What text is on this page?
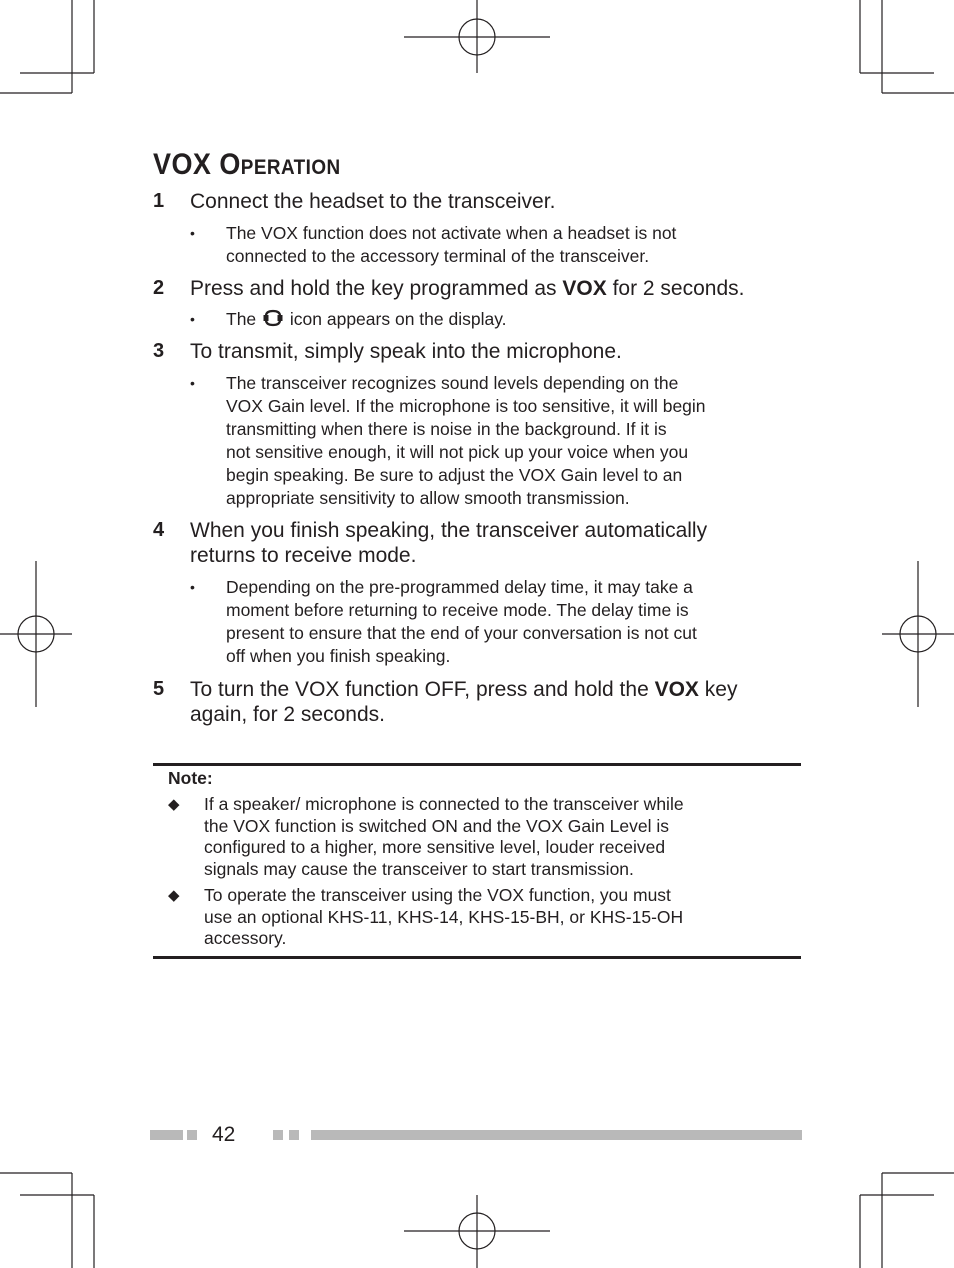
VOX OPERATION
1 Connect the headset to the transceiver.
• The VOX function does not activate when a headset is not
connected to the accessory terminal of the transceiver.
2 Press and hold the key programmed as VOX for 2 seconds.
• The  icon appears on the display.
3 To transmit, simply speak into the microphone.
• The transceiver recognizes sound levels depending on the
VOX Gain level. If the microphone is too sensitive, it will begin
transmitting when there is noise in the background. If it is
not sensitive enough, it will not pick up your voice when you
begin speaking. Be sure to adjust the VOX Gain level to an
appropriate sensitivity to allow smooth transmission.
4 When you finish speaking, the transceiver automatically
returns to receive mode.
• Depending on the pre-programmed delay time, it may take a
moment before returning to receive mode. The delay time is
present to ensure that the end of your conversation is not cut
off when you finish speaking.
5 To turn the VOX function OFF, press and hold the VOX key
again, for 2 seconds.
Note:
◆ If a speaker/ microphone is connected to the transceiver while
the VOX function is switched ON and the VOX Gain Level is
configured to a higher, more sensitive level, louder received
signals may cause the transceiver to start transmission.
◆ To operate the transceiver using the VOX function, you must
use an optional KHS-11, KHS-14, KHS-15-BH, or KHS-15-OH
accessory.
42
